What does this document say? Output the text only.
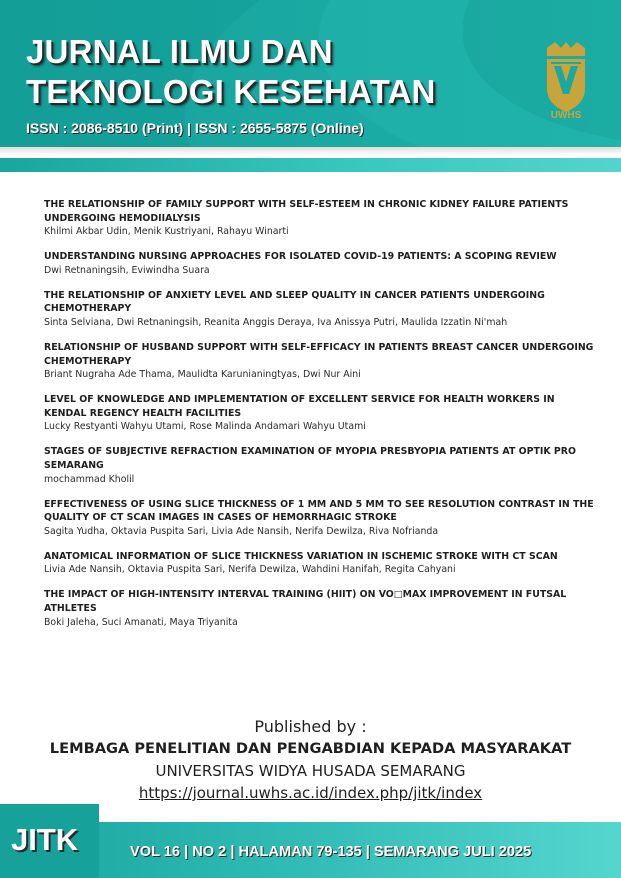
JURNAL ILMU DAN
TEKNOLOGI KESEHATAN
ISSN : 2086-8510 (Print) | ISSN : 2655-5875 (Online)
UWHS
THE RELATIONSHIP OF FAMILY SUPPORT WITH SELF-ESTEEM IN CHRONIC KIDNEY FAILURE PATIENTS UNDERGOING HEMODIIALYSIS
Khilmi Akbar Udin, Menik Kustriyani, Rahayu Winarti
UNDERSTANDING NURSING APPROACHES FOR ISOLATED COVID-19 PATIENTS: A SCOPING REVIEW
Dwi Retnaningsih, Eviwindha Suara
THE RELATIONSHIP OF ANXIETY LEVEL AND SLEEP QUALITY IN CANCER PATIENTS UNDERGOING CHEMOTHERAPY
Sinta Selviana, Dwi Retnaningsih, Reanita Anggis Deraya, Iva Anissya Putri, Maulida Izzatin Ni'mah
RELATIONSHIP OF HUSBAND SUPPORT WITH SELF-EFFICACY IN PATIENTS BREAST CANCER UNDERGOING CHEMOTHERAPY
Briant Nugraha Ade Thama, Maulidta Karunianingtyas, Dwi Nur Aini
LEVEL OF KNOWLEDGE AND IMPLEMENTATION OF EXCELLENT SERVICE FOR HEALTH WORKERS IN KENDAL REGENCY HEALTH FACILITIES
Lucky Restyanti Wahyu Utami, Rose Malinda Andamari Wahyu Utami
STAGES OF SUBJECTIVE REFRACTION EXAMINATION OF MYOPIA PRESBYOPIA PATIENTS AT OPTIK PRO SEMARANG
mochammad Kholil
EFFECTIVENESS OF USING SLICE THICKNESS OF 1 MM AND 5 MM TO SEE RESOLUTION CONTRAST IN THE QUALITY OF CT SCAN IMAGES IN CASES OF HEMORRHAGIC STROKE
Sagita Yudha, Oktavia Puspita Sari, Livia Ade Nansih, Nerifa Dewilza, Riva Nofrianda
ANATOMICAL INFORMATION OF SLICE THICKNESS VARIATION IN ISCHEMIC STROKE WITH CT SCAN
Livia Ade Nansih, Oktavia Puspita Sari, Nerifa Dewilza, Wahdini Hanifah, Regita Cahyani
THE IMPACT OF HIGH-INTENSITY INTERVAL TRAINING (HIIT) ON VO□MAX IMPROVEMENT IN FUTSAL ATHLETES
Boki Jaleha, Suci Amanati, Maya Triyanita
Published by :
LEMBAGA PENELITIAN DAN PENGABDIAN KEPADA MASYARAKAT
UNIVERSITAS WIDYA HUSADA SEMARANG
https://journal.uwhs.ac.id/index.php/jitk/index
JITK	VOL 16 | NO 2 | HALAMAN 79-135 | SEMARANG JULI 2025
